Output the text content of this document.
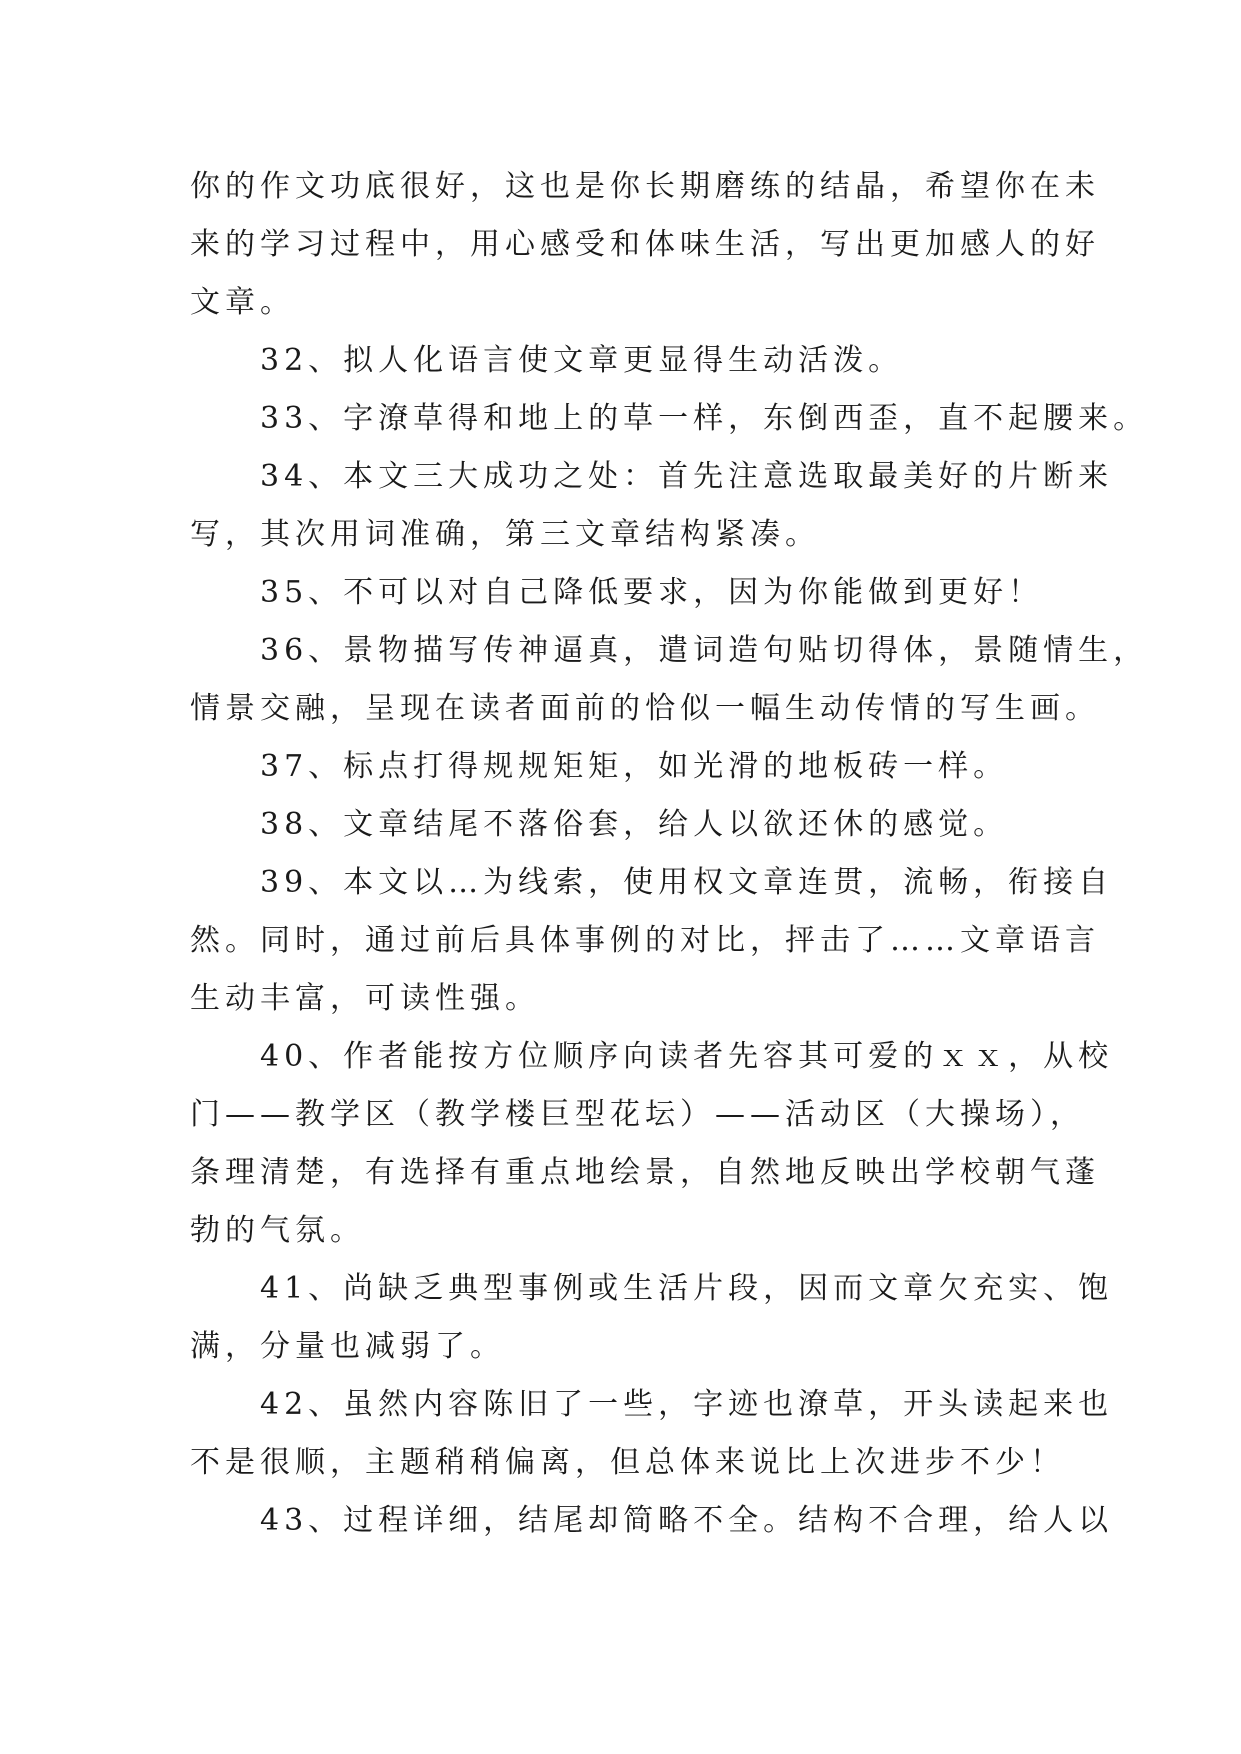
你的作文功底很好，这也是你长期磨练的结晶，希望你在未
来的学习过程中，用心感受和体味生活，写出更加感人的好
文章。
　　32、拟人化语言使文章更显得生动活泼。
　　33、字潦草得和地上的草一样，东倒西歪，直不起腰来。
　　34、本文三大成功之处：首先注意选取最美好的片断来
写，其次用词准确，第三文章结构紧凑。
　　35、不可以对自己降低要求，因为你能做到更好！
　　36、景物描写传神逼真，遣词造句贴切得体，景随情生，
情景交融，呈现在读者面前的恰似一幅生动传情的写生画。
　　37、标点打得规规矩矩，如光滑的地板砖一样。
　　38、文章结尾不落俗套，给人以欲还休的感觉。
　　39、本文以…为线索，使用权文章连贯，流畅，衔接自
然。同时，通过前后具体事例的对比，抨击了……文章语言
生动丰富，可读性强。
　　40、作者能按方位顺序向读者先容其可爱的ｘｘ，从校
门——教学区（教学楼巨型花坛）——活动区（大操场），
条理清楚，有选择有重点地绘景，自然地反映出学校朝气蓬
勃的气氛。
　　41、尚缺乏典型事例或生活片段，因而文章欠充实、饱
满，分量也减弱了。
　　42、虽然内容陈旧了一些，字迹也潦草，开头读起来也
不是很顺，主题稍稍偏离，但总体来说比上次进步不少！
　　43、过程详细，结尾却简略不全。结构不合理，给人以
